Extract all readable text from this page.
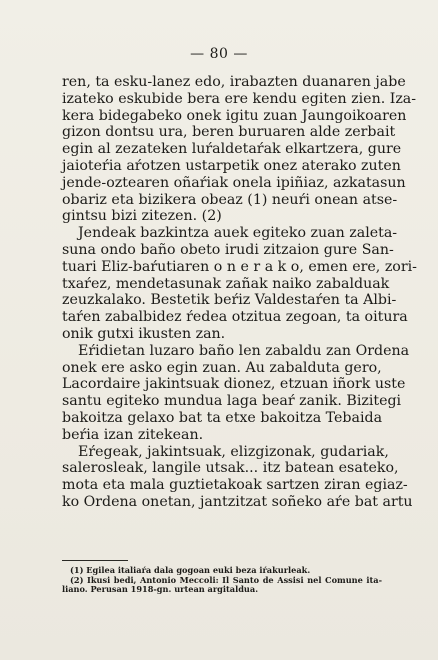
— 80 —
ren, ta esku-lanez edo, irabazten duanaren jabe
izateko eskubide bera ere kendu egiten zien. Iza-
kera bidegabeko onek igitu zuan Jaungoikoaren
gizon dontsu ura, beren buruaren alde zerbait
egin al zezateken luŕaldetaŕak elkartzera, gure
jaioteŕia aŕotzen ustarpetik onez aterako zuten
jende-oztearen oñaŕiak onela ipiñiaz, azkatasun
obariz eta bizikera obeaz (1) neuŕi onean atse-
gintsu bizi zitezen. (2)
Jendeak bazkintza auek egiteko zuan zaleta-
suna ondo baño obeto irudi zitzaion gure San-
tuari Eliz-baŕutiaren o n e r a k o, emen ere, zori-
txaŕez, mendetasunak zañak naiko zabalduak
zeuzkalako. Bestetik beŕiz Valdestaŕen ta Albi-
taŕen zabalbidez ŕedea otzitua zegoan, ta oitura
onik gutxi ikusten zan.
Eŕidietan luzaro baño len zabaldu zan Ordena
onek ere asko egin zuan. Au zabalduta gero,
Lacordaire jakintsuak dionez, etzuan iñork uste
santu egiteko mundua laga beaŕ zanik. Bizitegi
bakoitza gelaxo bat ta etxe bakoitza Tebaida
beŕia izan zitekean.
Eŕegeak, jakintsuak, elizgizonak, gudariak,
salerosleak, langile utsak... itz batean esateko,
mota eta mala guztietakoak sartzen ziran egiaz-
ko Ordena onetan, jantzitzat soñeko aŕe bat artu
(1) Egilea italiaŕa dala gogoan euki beza iŕakurleak.
(2) Ikusi bedi, Antonio Meccoli: Il Santo de Assisi nel Comune ita-
liano. Perusan 1918-gn. urtean argitaldua.
